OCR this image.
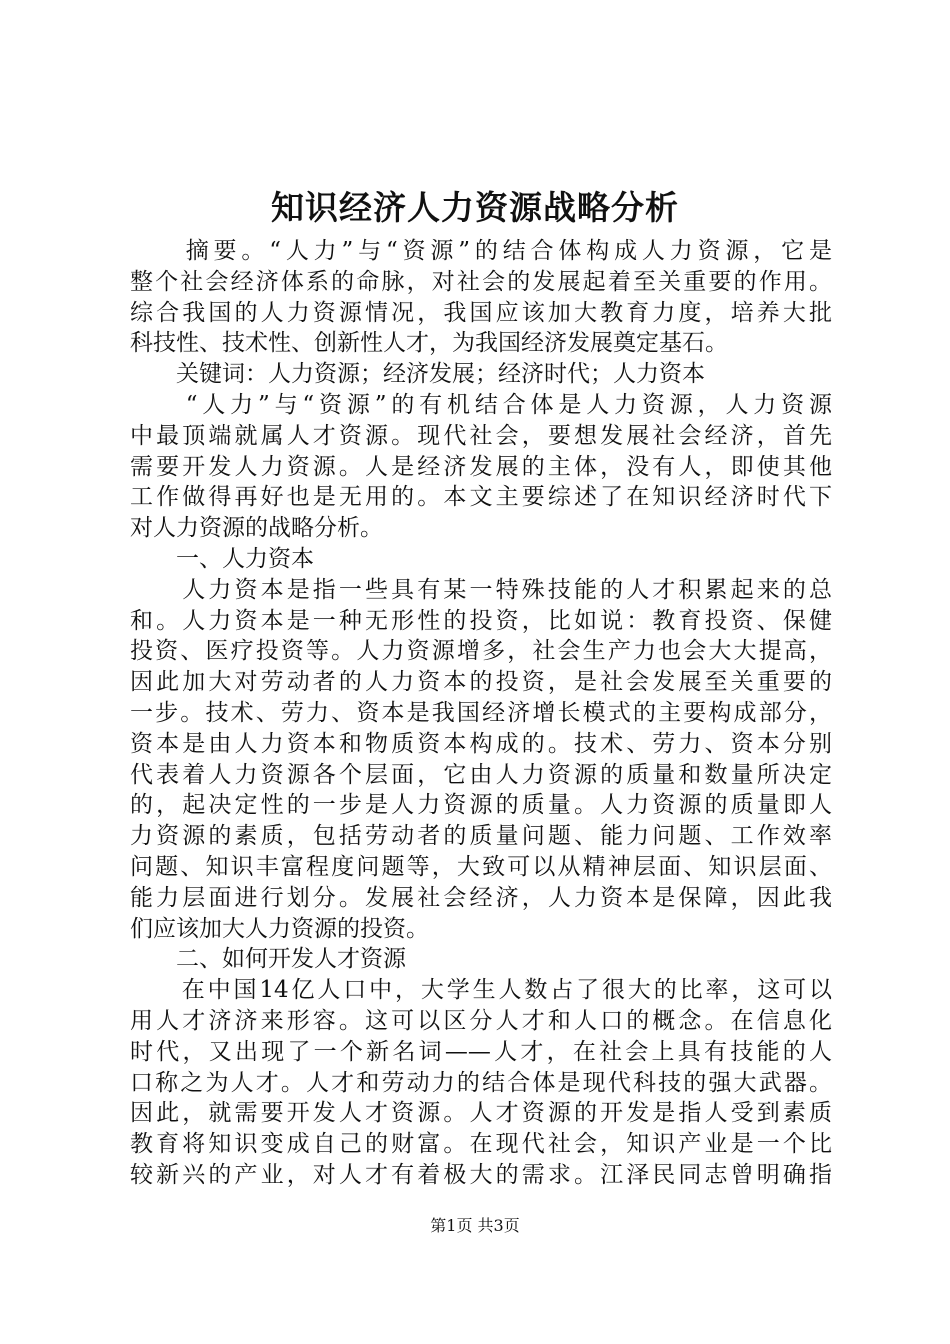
知识经济人力资源战略分析
　　摘要。“人力”与“资源”的结合体构成人力资源，它是
整个社会经济体系的命脉，对社会的发展起着至关重要的作用。
综合我国的人力资源情况，我国应该加大教育力度，培养大批
科技性、技术性、创新性人才，为我国经济发展奠定基石。
　　关键词：人力资源；经济发展；经济时代；人力资本
　　“人力”与“资源”的有机结合体是人力资源，人力资源
中最顶端就属人才资源。现代社会，要想发展社会经济，首先
需要开发人力资源。人是经济发展的主体，没有人，即使其他
工作做得再好也是无用的。本文主要综述了在知识经济时代下
对人力资源的战略分析。
　　一、人力资本
　　人力资本是指一些具有某一特殊技能的人才积累起来的总
和。人力资本是一种无形性的投资，比如说：教育投资、保健
投资、医疗投资等。人力资源增多，社会生产力也会大大提高，
因此加大对劳动者的人力资本的投资，是社会发展至关重要的
一步。技术、劳力、资本是我国经济增长模式的主要构成部分，
资本是由人力资本和物质资本构成的。技术、劳力、资本分别
代表着人力资源各个层面，它由人力资源的质量和数量所决定
的，起决定性的一步是人力资源的质量。人力资源的质量即人
力资源的素质，包括劳动者的质量问题、能力问题、工作效率
问题、知识丰富程度问题等，大致可以从精神层面、知识层面、
能力层面进行划分。发展社会经济，人力资本是保障，因此我
们应该加大人力资源的投资。
　　二、如何开发人才资源
　　在中国14亿人口中，大学生人数占了很大的比率，这可以
用人才济济来形容。这可以区分人才和人口的概念。在信息化
时代，又出现了一个新名词——人才，在社会上具有技能的人
口称之为人才。人才和劳动力的结合体是现代科技的强大武器。
因此，就需要开发人才资源。人才资源的开发是指人受到素质
教育将知识变成自己的财富。在现代社会，知识产业是一个比
较新兴的产业，对人才有着极大的需求。江泽民同志曾明确指
第1页 共3页
